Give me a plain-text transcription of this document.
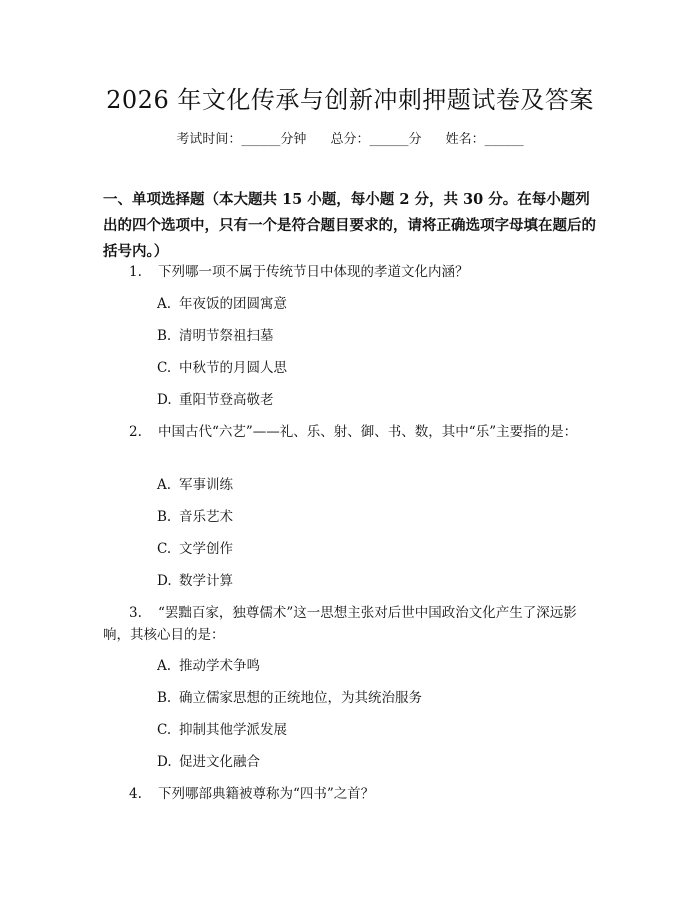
2026 年文化传承与创新冲刺押题试卷及答案
考试时间：______分钟 总分：______分 姓名：______
一、单项选择题（本大题共 15 小题，每小题 2 分，共 30 分。在每小题列出的四个选项中，只有一个是符合题目要求的，请将正确选项字母填在题后的括号内。）
1. 下列哪一项不属于传统节日中体现的孝道文化内涵？
A. 年夜饭的团圆寓意
B. 清明节祭祖扫墓
C. 中秋节的月圆人思
D. 重阳节登高敬老
2. 中国古代“六艺”——礼、乐、射、御、书、数，其中“乐”主要指的是：
A. 军事训练
B. 音乐艺术
C. 文学创作
D. 数学计算
3. “罢黜百家，独尊儒术”这一思想主张对后世中国政治文化产生了深远影响，其核心目的是：
A. 推动学术争鸣
B. 确立儒家思想的正统地位，为其统治服务
C. 抑制其他学派发展
D. 促进文化融合
4. 下列哪部典籍被尊称为“四书”之首？
